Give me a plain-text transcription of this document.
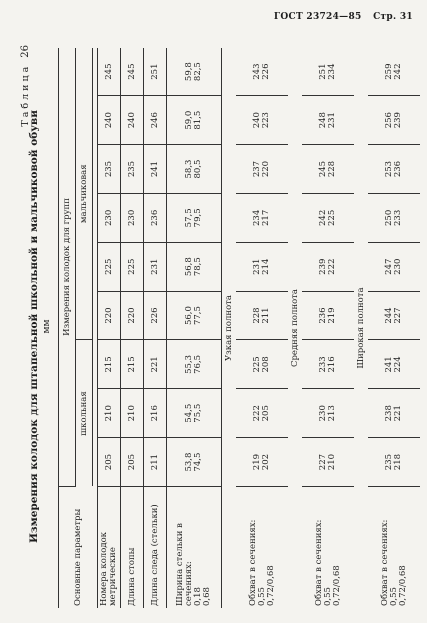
ГОСТ 23724—85 Стр. 31
Таблица26
Измерения колодок для штапельной школьной и мальчиковой обуви мм
Основные параметры	Измерения колодок для групп								
	школьная			мальчиковая					

Номера колодок метрические	205	210	215	220	225	230	235	240	245
Длина стопы	205	210	215	220	225	230	235	240	245
Длина следа (стельки)	211	216	221	226	231	236	241	246	251

Ширина стельки в сечениях: 0,18 0,68	53,8 74,5	54,5 75,5	55,3 76,5	56,0 77,5	56,8 78,5	57,5 79,5	58,3 80,5	59,0 81,5	59,8 82,5

Узкая полнота									

Обхват в сечениях: 0,55 0,72/0,68	219 202	222 205	225 208	228 211	231 214	234 217	237 220	240 223	243 226

Средняя полнота									

Обхват в сечениях: 0,55 0,72/0,68	227 210	230 213	233 216	236 219	239 222	242 225	245 228	248 231	251 234

Широкая полнота									

Обхват в сечениях: 0,55 0,72/0,68	235 218	238 221	241 224	244 227	247 230	250 233	253 236	256 239	259 242
